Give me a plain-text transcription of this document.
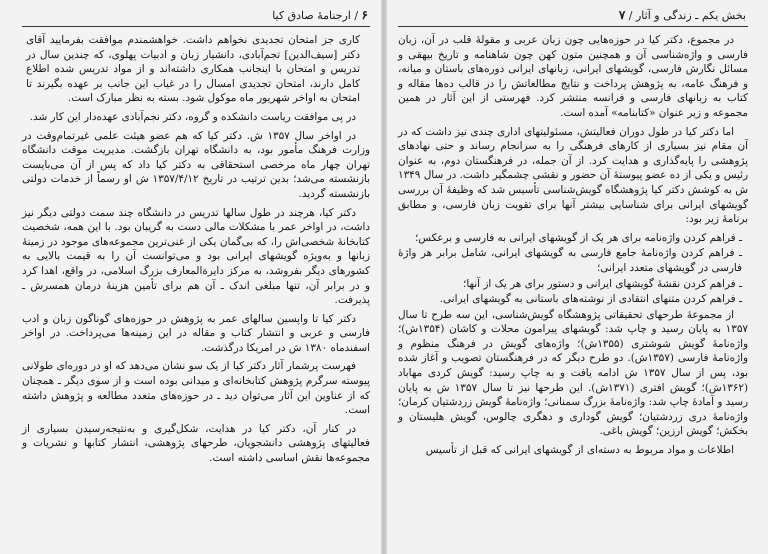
۶ / ارجنامهٔ صادق کیا

کاری جز امتحان تجدیدی نخواهم داشت. خواهشمندم موافقت بفرمایید آقای دکتر [سیف‌الدین] تجم‌آبادی، دانشیار زبان و ادبیات پهلوی، که چندین سال در تدریس و امتحان با اینجانب همکاری داشته‌اند و از مواد تدریس شده اطلاع کامل دارند، امتحان تجدیدی امسال را در غیاب این جانب بر عهده بگیرند تا امتحان به اواخر شهریور ماه موکول شود. بسته به نظر مبارک است.

در پی موافقت ریاست دانشکده و گروه، دکتر نجم‌آبادی عهده‌دار این کار شد.

در اواخر سال ۱۳۵۷ ش. دکتر کیا که هم عضو هیئت علمی غیرتمام‌وقت در وزارت فرهنگ مأمور بود، به دانشگاه تهران بازگشت. مدیریت موقت دانشگاه تهران چهار ماه مرخصی استحقاقی به دکتر کیا داد که پس از آن می‌بایست بازنشسته می‌شد؛ بدین ترتیب در تاریخ ۱۳۵۷/۴/۱۲ ش او رسماً از خدمات دولتی بازنشسته گردید.

دکتر کیا، هرچند در طول سالها تدریس در دانشگاه چند سمت دولتی دیگر نیز داشت، در اواخر عمر با مشکلات مالی دست به گریبان بود. با این همه، شخصیت کتابخانهٔ شخصی‌اش را، که بی‌گمان یکی از غنی‌ترین مجموعه‌های موجود در زمینهٔ زبانها و به‌ویژه گویشهای ایرانی بود و می‌توانست آن را به قیمت بالایی به کشورهای دیگر بفروشد، به مرکز دایرةالمعارف بزرگ اسلامی، در واقع، اهدا کرد و در برابر آن، تنها مبلغی اندک ـ آن هم برای تأمین هزینهٔ درمان همسرش ـ پذیرفت.

دکتر کیا تا واپسین سالهای عمر به پژوهش در حوزه‌های گوناگون زبان و ادب فارسی و عربی و انتشار کتاب و مقاله در این زمینه‌ها می‌پرداخت. در اواخر اسفندماه ۱۳۸۰ ش در امریکا درگذشت.

فهرست پرشمار آثار دکتر کیا از یک سو نشان می‌دهد که او در دوره‌ای طولانی پیوسته سرگرم پژوهش کتابخانه‌ای و میدانی بوده است و از سوی دیگر ـ همچنان که از عناوین این آثار می‌توان دید ـ در حوزه‌های متعدد مطالعه و پژوهش داشته است.

در کنار آن، دکتر کیا در هدایت، شکل‌گیری و به‌نتیجه‌رسیدن بسیاری از فعالیتهای پژوهشی دانشجویان، طرحهای پژوهشی، انتشار کتابها و نشریات و مجموعه‌ها نقش اساسی داشته است.

بخش یکم ـ زندگی و آثار / ۷

در مجموع، دکتر کیا در حوزه‌هایی چون زبان عربی و مقولهٔ قلب در آن، زبان فارسی و واژه‌شناسی آن و همچنین متون کهن چون شاهنامه و تاریخ بیهقی و مسائل نگارش فارسی، گویشهای ایرانی، زبانهای ایرانی دوره‌های باستان و میانه، و فرهنگ عامه، به پژوهش پرداخت و نتایج مطالعاتش را در قالب ده‌ها مقاله و کتاب به زبانهای فارسی و فرانسه منتشر کرد. فهرستی از این آثار در همین مجموعه و زیر عنوان «کتابنامه» آمده است.

اما دکتر کیا در طول دوران فعالیتش، مسئولیتهای اداری چندی نیز داشت که در آن مقام نیز بسیاری از کارهای فرهنگی را به سرانجام رساند و حتی نهادهای پژوهشی را پایه‌گذاری و هدایت کرد. از آن جمله، در فرهنگستان دوم، به عنوان رئیس و یکی از ده عضو پیوستهٔ آن حضور و نقشی چشمگیر داشت. در سال ۱۳۴۹ ش به کوشش دکتر کیا پژوهشگاه گویش‌شناسی تأسیس شد که وظیفهٔ آن بررسی گویشهای ایرانی برای شناسایی بیشتر آنها برای تقویت زبان فارسی، و مطابق برنامهٔ زیر بود:

ـ فراهم کردن واژه‌نامه برای هر یک از گویشهای ایرانی به فارسی و برعکس؛

ـ فراهم کردن واژه‌نامهٔ جامع فارسی به گویشهای ایرانی، شامل برابر هر واژهٔ فارسی در گویشهای متعدد ایرانی؛

ـ فراهم کردن نقشهٔ گویشهای ایرانی و دستور برای هر یک از آنها؛

ـ فراهم کردن متنهای انتقادی از نوشته‌های باستانی به گویشهای ایرانی.

از مجموعهٔ طرحهای تحقیقاتی پژوهشگاه گویش‌شناسی، این سه طرح تا سال ۱۳۵۷ به پایان رسید و چاپ شد: گویشهای پیرامون محلات و کاشان (۱۳۵۴ش)؛ واژه‌نامهٔ گویش شوشتری (۱۳۵۵ش)؛ واژه‌های گویش در فرهنگ منظوم و واژه‌نامهٔ فارسی (۱۳۵۷ش). دو طرح دیگر که در فرهنگستان تصویب و آغاز شده بود، پس از سال ۱۳۵۷ ش ادامه یافت و به چاپ رسید: گویش کردی مهاباد (۱۳۶۲ش)؛ گویش افتری (۱۳۷۱ش). این طرحها نیز تا سال ۱۳۵۷ ش به پایان رسید و آمادهٔ چاپ شد: واژه‌نامهٔ بزرگ سمنانی؛ واژه‌نامهٔ گویش زردشتیان کرمان؛ واژه‌نامهٔ دری زردشتیان؛ گویش گوداری و دهگری چالوس، گویش هلیستان و بخکش؛ گویش ارزین؛ گویش باغی.

اطلاعات و مواد مربوط به دسته‌ای از گویشهای ایرانی که قبل از تأسیس
